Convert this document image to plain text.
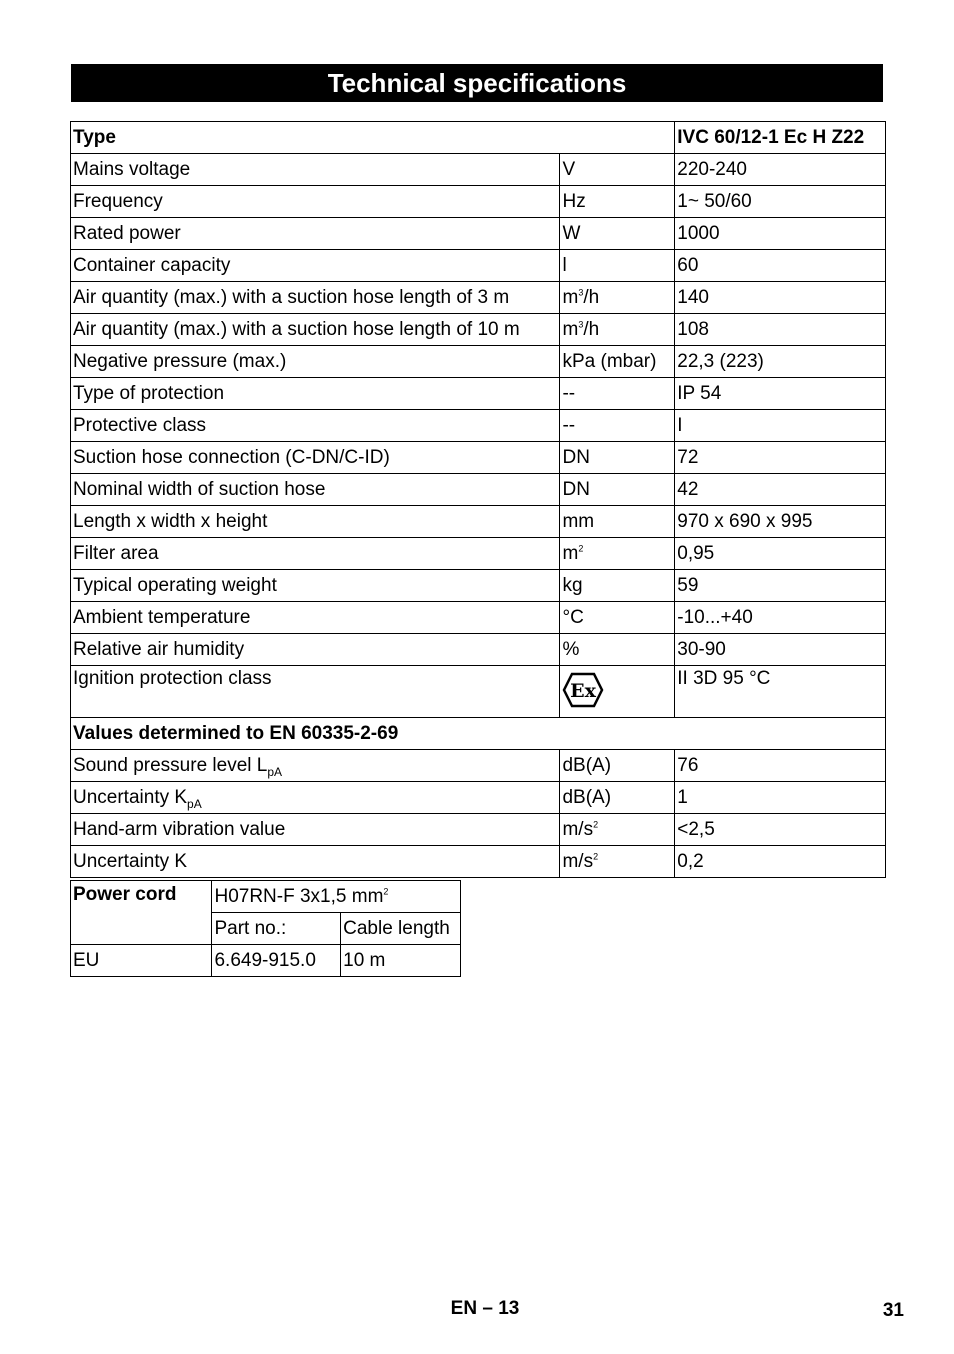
Technical specifications
Type		IVC 60/12-1 Ec H Z22
Mains voltage	V	220-240
Frequency	Hz	1~ 50/60
Rated power	W	1000
Container capacity	l	60
Air quantity (max.) with a suction hose length of 3 m	$m^3/h$	140
Air quantity (max.) with a suction hose length of 10 m	$m^3/h$	108
Negative pressure (max.)	kPa (mbar)	22,3 (223)
Type of protection	--	IP 54
Protective class	--	I
Suction hose connection (C-DN/C-ID)	DN	72
Nominal width of suction hose	DN	42
Length x width x height	mm	970 x 690 x 995
Filter area	$m^2$	0,95
Typical operating weight	kg	59
Ambient temperature	°C	-10...+40
Relative air humidity	%	30-90
Ignition protection class	Ex	II 3D 95 °C
Values determined to EN 60335-2-69		
Sound pressure level $L_{pA}$	dB(A)	76
Uncertainty $K_{pA}$	dB(A)	1
Hand-arm vibration value	$m/s^2$	<2,5
Uncertainty K	$m/s^2$	0,2
Power cord	H07RN-F 3x1,5 $mm^2$
	Part no.:	Cable length
EU	6.649-915.0	10 m
EN – 13	31
